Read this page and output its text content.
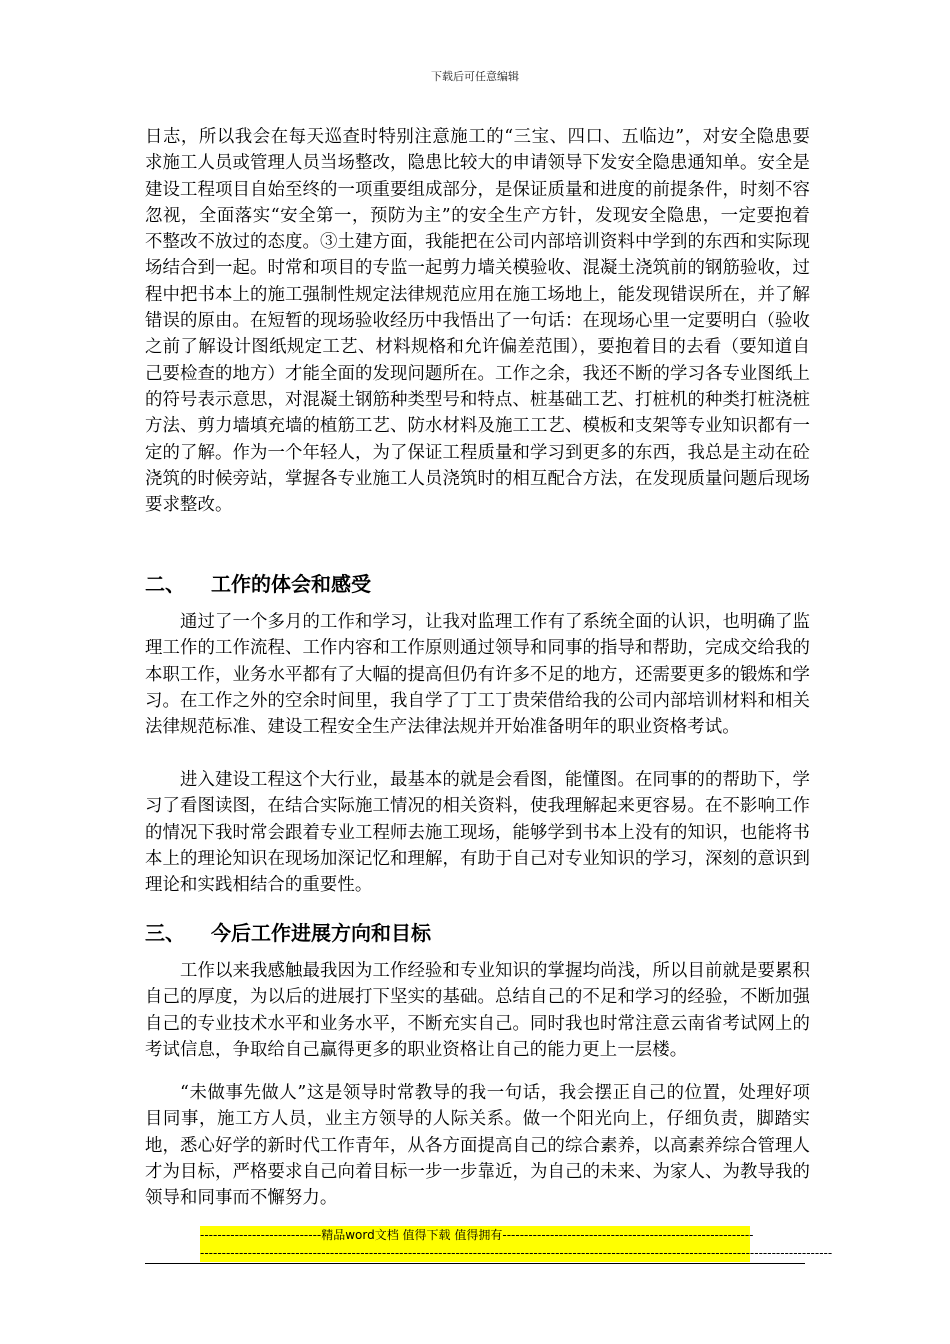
下载后可任意编辑

日志，所以我会在每天巡查时特别注意施工的“三宝、四口、五临边”，对安全隐患要求施工人员或管理人员当场整改，隐患比较大的申请领导下发安全隐患通知单。安全是建设工程项目自始至终的一项重要组成部分，是保证质量和进度的前提条件，时刻不容忽视，全面落实“安全第一，预防为主”的安全生产方针，发现安全隐患，一定要抱着不整改不放过的态度。③土建方面，我能把在公司内部培训资料中学到的东西和实际现场结合到一起。时常和项目的专监一起剪力墙关模验收、混凝土浇筑前的钢筋验收，过程中把书本上的施工强制性规定法律规范应用在施工场地上，能发现错误所在，并了解错误的原由。在短暂的现场验收经历中我悟出了一句话：在现场心里一定要明白（验收之前了解设计图纸规定工艺、材料规格和允许偏差范围），要抱着目的去看（要知道自己要检查的地方）才能全面的发现问题所在。工作之余，我还不断的学习各专业图纸上的符号表示意思，对混凝土钢筋种类型号和特点、桩基础工艺、打桩机的种类打桩浇桩方法、剪力墙填充墙的植筋工艺、防水材料及施工工艺、模板和支架等专业知识都有一定的了解。作为一个年轻人，为了保证工程质量和学习到更多的东西，我总是主动在砼浇筑的时候旁站，掌握各专业施工人员浇筑时的相互配合方法，在发现质量问题后现场要求整改。

二、 工作的体会和感受

通过了一个多月的工作和学习，让我对监理工作有了系统全面的认识，也明确了监理工作的工作流程、工作内容和工作原则通过领导和同事的指导和帮助，完成交给我的本职工作，业务水平都有了大幅的提高但仍有许多不足的地方，还需要更多的锻炼和学习。在工作之外的空余时间里，我自学了丁工丁贵荣借给我的公司内部培训材料和相关法律规范标准、建设工程安全生产法律法规并开始准备明年的职业资格考试。

进入建设工程这个大行业，最基本的就是会看图，能懂图。在同事的的帮助下，学习了看图读图，在结合实际施工情况的相关资料，使我理解起来更容易。在不影响工作的情况下我时常会跟着专业工程师去施工现场，能够学到书本上没有的知识，也能将书本上的理论知识在现场加深记忆和理解，有助于自己对专业知识的学习，深刻的意识到理论和实践相结合的重要性。

三、 今后工作进展方向和目标

工作以来我感触最我因为工作经验和专业知识的掌握均尚浅，所以目前就是要累积自己的厚度，为以后的进展打下坚实的基础。总结自己的不足和学习的经验，不断加强自己的专业技术水平和业务水平，不断充实自己。同时我也时常注意云南省考试网上的考试信息，争取给自己赢得更多的职业资格让自己的能力更上一层楼。

“未做事先做人”这是领导时常教导的我一句话，我会摆正自己的位置，处理好项目同事，施工方人员，业主方领导的人际关系。做一个阳光向上，仔细负责，脚踏实地，悉心好学的新时代工作青年，从各方面提高自己的综合素养，以高素养综合管理人才为目标，严格要求自己向着目标一步一步靠近，为自己的未来、为家人、为教导我的领导和同事而不懈努力。

----------------------------精品word文档 值得下载 值得拥有----------------------------------------------------------
--------------------------------------------------------------------------------------------------------------------------------------------------
